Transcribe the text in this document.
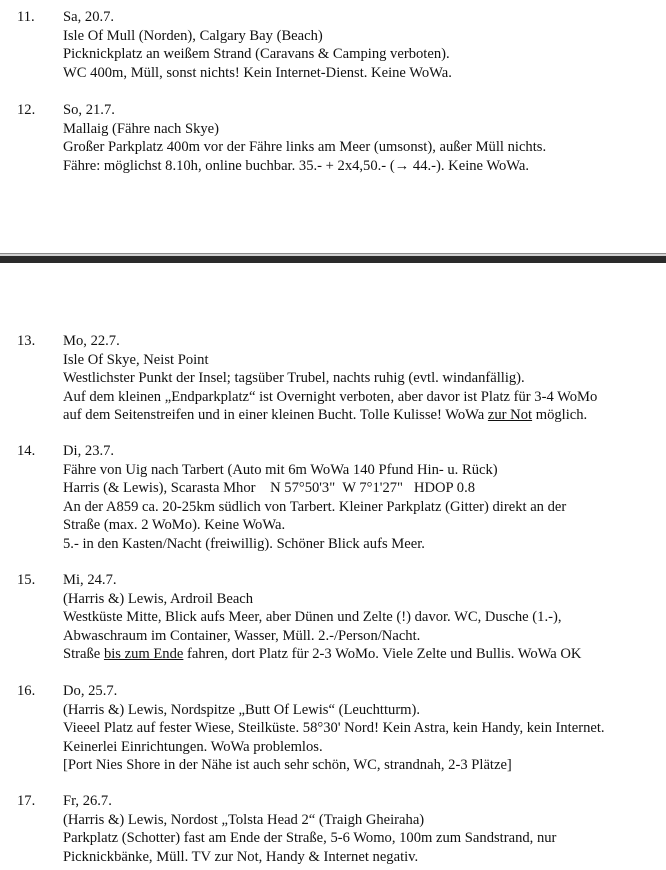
11. Sa, 20.7.
Isle Of Mull (Norden), Calgary Bay (Beach)
Picknickplatz an weißem Strand (Caravans & Camping verboten).
WC 400m, Müll, sonst nichts! Kein Internet-Dienst. Keine WoWa.
12. So, 21.7.
Mallaig (Fähre nach Skye)
Großer Parkplatz 400m vor der Fähre links am Meer (umsonst), außer Müll nichts.
Fähre: möglichst 8.10h, online buchbar. 35.- + 2x4,50.- (→ 44.-). Keine WoWa.
13. Mo, 22.7.
Isle Of Skye, Neist Point
Westlichster Punkt der Insel; tagsüber Trubel, nachts ruhig (evtl. windanfällig).
Auf dem kleinen „Endparkplatz“ ist Overnight verboten, aber davor ist Platz für 3-4 WoMo
auf dem Seitenstreifen und in einer kleinen Bucht. Tolle Kulisse! WoWa zur Not möglich.
14. Di, 23.7.
Fähre von Uig nach Tarbert (Auto mit 6m WoWa 140 Pfund Hin- u. Rück)
Harris (& Lewis), Scarasta Mhor    N 57°50'3"  W 7°1'27"   HDOP 0.8
An der A859 ca. 20-25km südlich von Tarbert. Kleiner Parkplatz (Gitter) direkt an der
Straße (max. 2 WoMo). Keine WoWa.
5.- in den Kasten/Nacht (freiwillig). Schöner Blick aufs Meer.
15. Mi, 24.7.
(Harris &) Lewis, Ardroil Beach
Westküste Mitte, Blick aufs Meer, aber Dünen und Zelte (!) davor. WC, Dusche (1.-),
Abwaschraum im Container, Wasser, Müll. 2.-/Person/Nacht.
Straße bis zum Ende fahren, dort Platz für 2-3 WoMo. Viele Zelte und Bullis. WoWa OK
16. Do, 25.7.
(Harris &) Lewis, Nordspitze „Butt Of Lewis“ (Leuchtturm).
Vieeel Platz auf fester Wiese, Steilküste. 58°30' Nord! Kein Astra, kein Handy, kein Internet.
Keinerlei Einrichtungen. WoWa problemlos.
[Port Nies Shore in der Nähe ist auch sehr schön, WC, strandnah, 2-3 Plätze]
17. Fr, 26.7.
(Harris &) Lewis, Nordost „Tolsta Head 2“ (Traigh Gheiraha)
Parkplatz (Schotter) fast am Ende der Straße, 5-6 Womo, 100m zum Sandstrand, nur
Picknickbänke, Müll. TV zur Not, Handy & Internet negativ.
